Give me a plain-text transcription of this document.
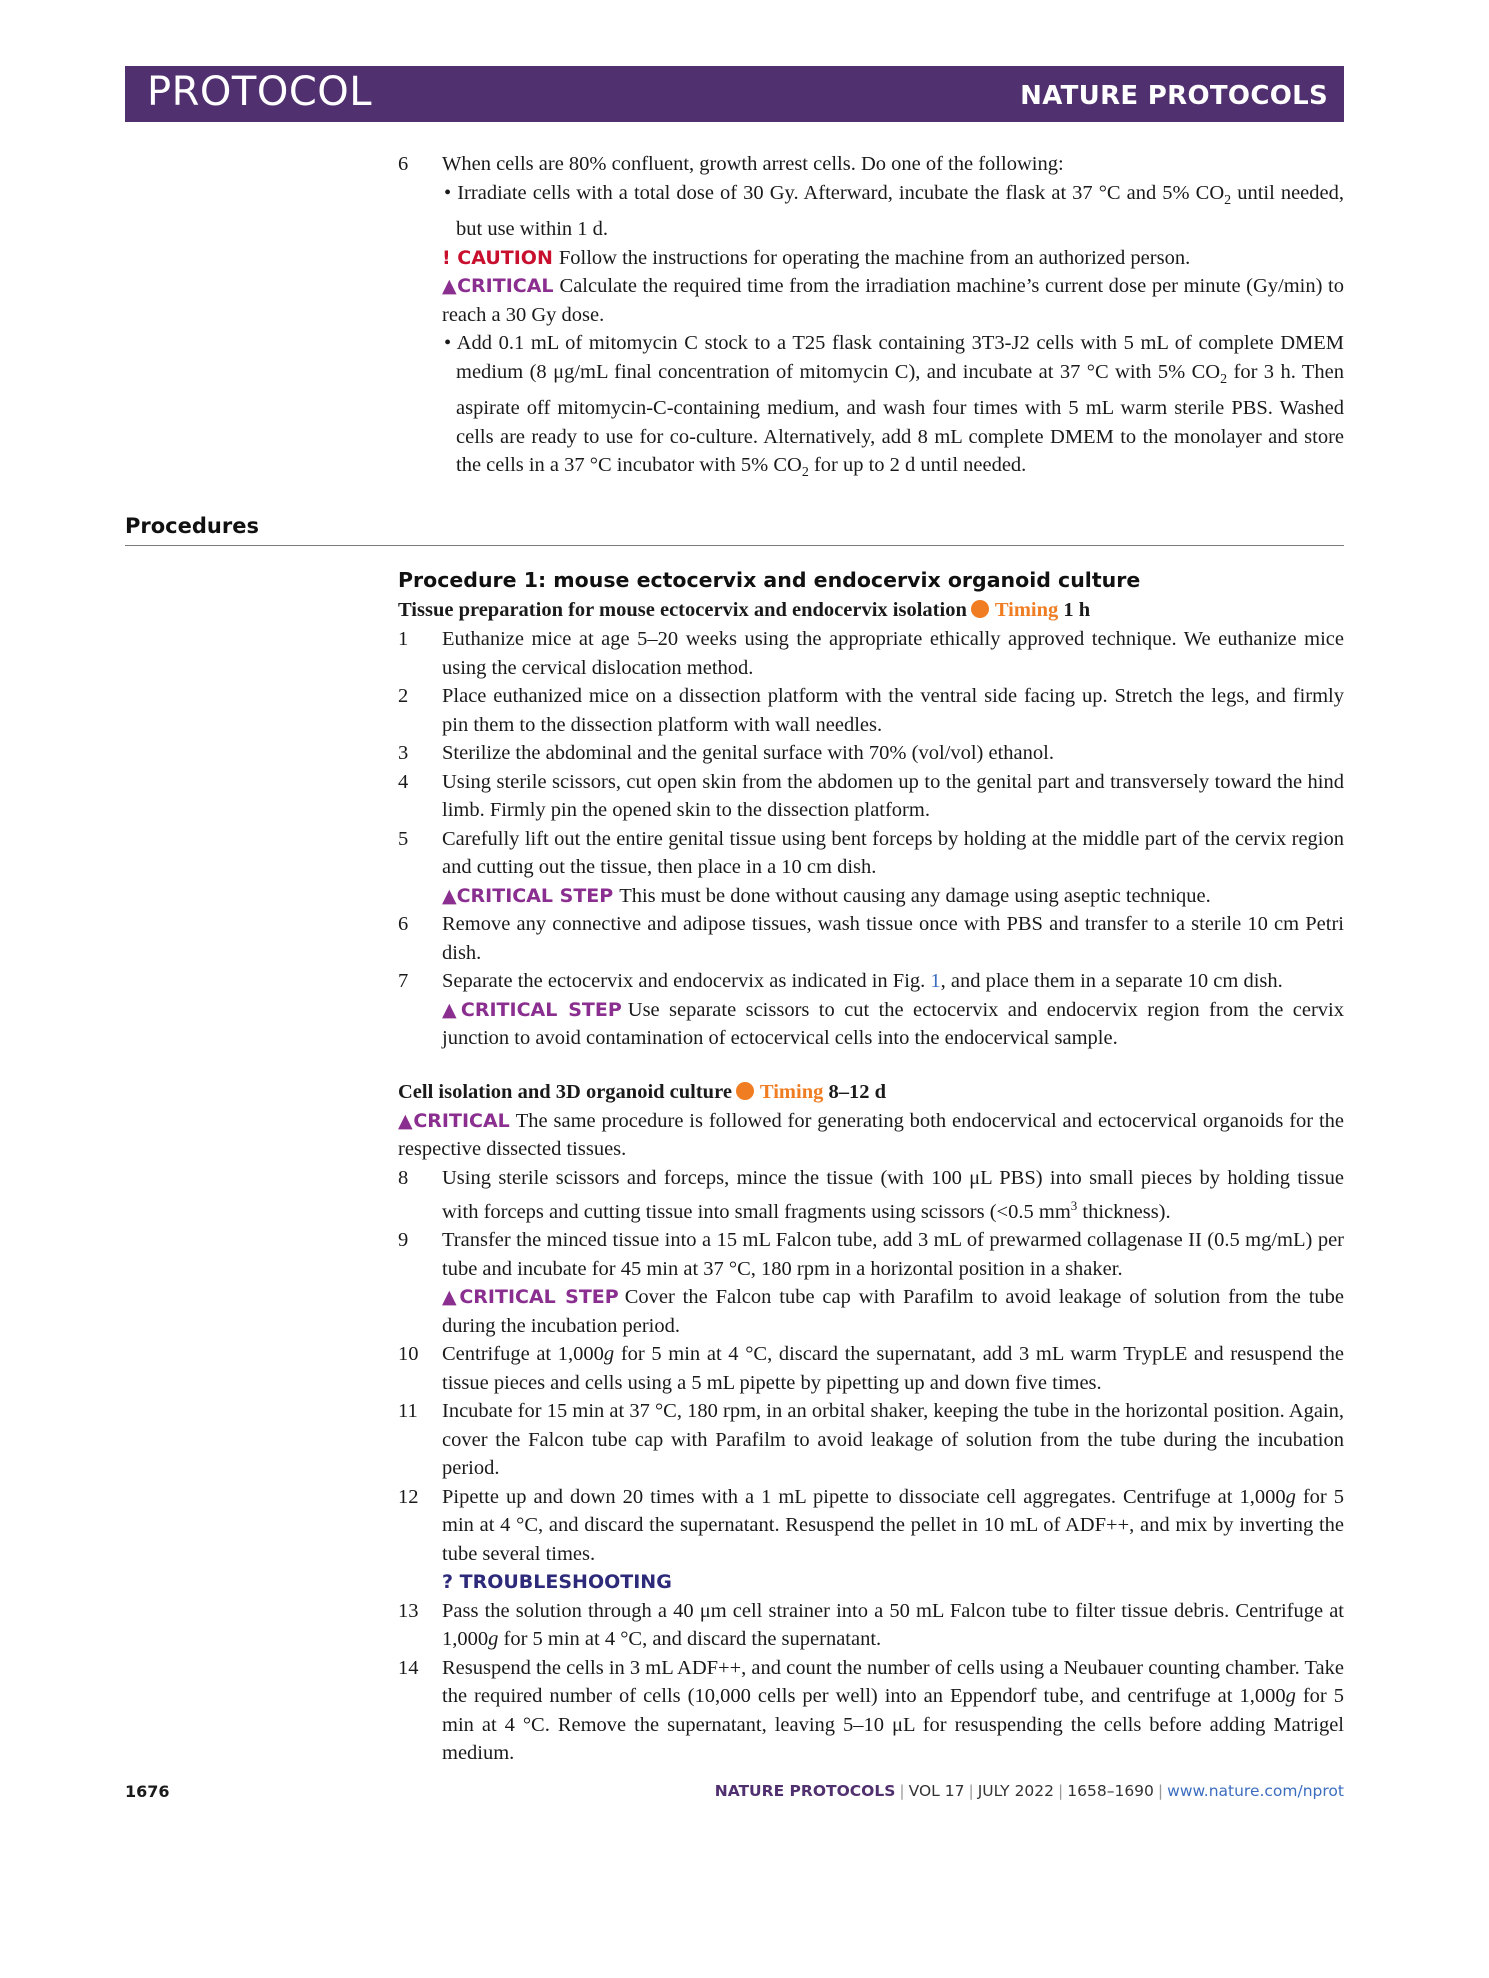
PROTOCOL	NATURE PROTOCOLS
6 When cells are 80% confluent, growth arrest cells. Do one of the following:

• Irradiate cells with a total dose of 30 Gy. Afterward, incubate the flask at 37 °C and 5% $CO_2$ until needed, but use within 1 d.

! CAUTION Follow the instructions for operating the machine from an authorized person.

▲CRITICAL Calculate the required time from the irradiation machine’s current dose per minute (Gy/min) to reach a 30 Gy dose.

• Add 0.1 mL of mitomycin C stock to a T25 flask containing 3T3-J2 cells with 5 mL of complete DMEM medium (8 μg/mL final concentration of mitomycin C), and incubate at 37 °C with 5% $CO_2$ for 3 h. Then aspirate off mitomycin-C-containing medium, and wash four times with 5 mL warm sterile PBS. Washed cells are ready to use for co-culture. Alternatively, add 8 mL complete DMEM to the monolayer and store the cells in a 37 °C incubator with 5% $CO_2$ for up to 2 d until needed.

Procedures
Procedure 1: mouse ectocervix and endocervix organoid culture
Tissue preparation for mouse ectocervix and endocervix isolation Timing 1 h
1 Euthanize mice at age 5–20 weeks using the appropriate ethically approved technique. We euthanize mice using the cervical dislocation method.

2 Place euthanized mice on a dissection platform with the ventral side facing up. Stretch the legs, and firmly pin them to the dissection platform with wall needles.

3 Sterilize the abdominal and the genital surface with 70% (vol/vol) ethanol.

4 Using sterile scissors, cut open skin from the abdomen up to the genital part and transversely toward the hind limb. Firmly pin the opened skin to the dissection platform.

5 Carefully lift out the entire genital tissue using bent forceps by holding at the middle part of the cervix region and cutting out the tissue, then place in a 10 cm dish.

▲CRITICAL STEP This must be done without causing any damage using aseptic technique.

6 Remove any connective and adipose tissues, wash tissue once with PBS and transfer to a sterile 10 cm Petri dish.

7 Separate the ectocervix and endocervix as indicated in Fig. 1, and place them in a separate 10 cm dish.

▲CRITICAL STEP Use separate scissors to cut the ectocervix and endocervix region from the cervix junction to avoid contamination of ectocervical cells into the endocervical sample.

Cell isolation and 3D organoid culture Timing 8–12 d

▲CRITICAL The same procedure is followed for generating both endocervical and ectocervical organoids for the respective dissected tissues.

8 Using sterile scissors and forceps, mince the tissue (with 100 μL PBS) into small pieces by holding tissue with forceps and cutting tissue into small fragments using scissors (<0.5 $mm^3$ thickness).

9 Transfer the minced tissue into a 15 mL Falcon tube, add 3 mL of prewarmed collagenase II (0.5 mg/mL) per tube and incubate for 45 min at 37 °C, 180 rpm in a horizontal position in a shaker.

▲CRITICAL STEP Cover the Falcon tube cap with Parafilm to avoid leakage of solution from the tube during the incubation period.

10 Centrifuge at 1,000g for 5 min at 4 °C, discard the supernatant, add 3 mL warm TrypLE and resuspend the tissue pieces and cells using a 5 mL pipette by pipetting up and down five times.

11 Incubate for 15 min at 37 °C, 180 rpm, in an orbital shaker, keeping the tube in the horizontal position. Again, cover the Falcon tube cap with Parafilm to avoid leakage of solution from the tube during the incubation period.

12 Pipette up and down 20 times with a 1 mL pipette to dissociate cell aggregates. Centrifuge at 1,000g for 5 min at 4 °C, and discard the supernatant. Resuspend the pellet in 10 mL of ADF++, and mix by inverting the tube several times.

? TROUBLESHOOTING

13 Pass the solution through a 40 μm cell strainer into a 50 mL Falcon tube to filter tissue debris. Centrifuge at 1,000g for 5 min at 4 °C, and discard the supernatant.

14 Resuspend the cells in 3 mL ADF++, and count the number of cells using a Neubauer counting chamber. Take the required number of cells (10,000 cells per well) into an Eppendorf tube, and centrifuge at 1,000g for 5 min at 4 °C. Remove the supernatant, leaving 5–10 μL for resuspending the cells before adding Matrigel medium.

1676	NATURE PROTOCOLS | VOL 17 | JULY 2022 | 1658–1690 | www.nature.com/nprot
